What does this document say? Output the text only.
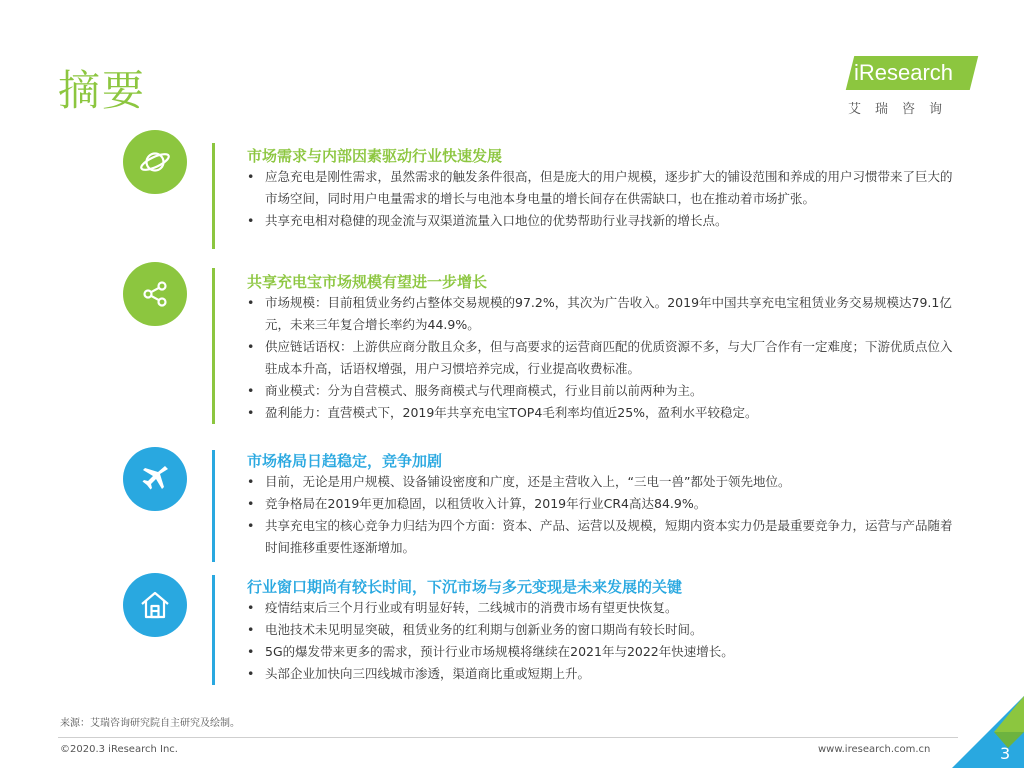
摘要	iResearch
艾瑞咨询
市场需求与内部因素驱动行业快速发展
• 应急充电是刚性需求，虽然需求的触发条件很高，但是庞大的用户规模，逐步扩大的铺设范围和养成的用户习惯带来了巨大的市场空间，同时用户电量需求的增长与电池本身电量的增长间存在供需缺口，也在推动着市场扩张。
• 共享充电相对稳健的现金流与双渠道流量入口地位的优势帮助行业寻找新的增长点。
共享充电宝市场规模有望进一步增长
• 市场规模：目前租赁业务约占整体交易规模的97.2%，其次为广告收入。2019年中国共享充电宝租赁业务交易规模达79.1亿元，未来三年复合增长率约为44.9%。
• 供应链话语权：上游供应商分散且众多，但与高要求的运营商匹配的优质资源不多，与大厂合作有一定难度；下游优质点位入驻成本升高，话语权增强，用户习惯培养完成，行业提高收费标准。
• 商业模式：分为自营模式、服务商模式与代理商模式，行业目前以前两种为主。
• 盈利能力：直营模式下，2019年共享充电宝TOP4毛利率均值近25%，盈利水平较稳定。
市场格局日趋稳定，竞争加剧
• 目前，无论是用户规模、设备铺设密度和广度，还是主营收入上，“三电一兽”都处于领先地位。
• 竞争格局在2019年更加稳固，以租赁收入计算，2019年行业CR4高达84.9%。
• 共享充电宝的核心竞争力归结为四个方面：资本、产品、运营以及规模，短期内资本实力仍是最重要竞争力，运营与产品随着时间推移重要性逐渐增加。
行业窗口期尚有较长时间，下沉市场与多元变现是未来发展的关键
• 疫情结束后三个月行业或有明显好转，二线城市的消费市场有望更快恢复。
• 电池技术未见明显突破，租赁业务的红利期与创新业务的窗口期尚有较长时间。
• 5G的爆发带来更多的需求，预计行业市场规模将继续在2021年与2022年快速增长。
• 头部企业加快向三四线城市渗透，渠道商比重或短期上升。
来源：艾瑞咨询研究院自主研究及绘制。
©2020.3 iResearch Inc.	www.iresearch.com.cn	3
